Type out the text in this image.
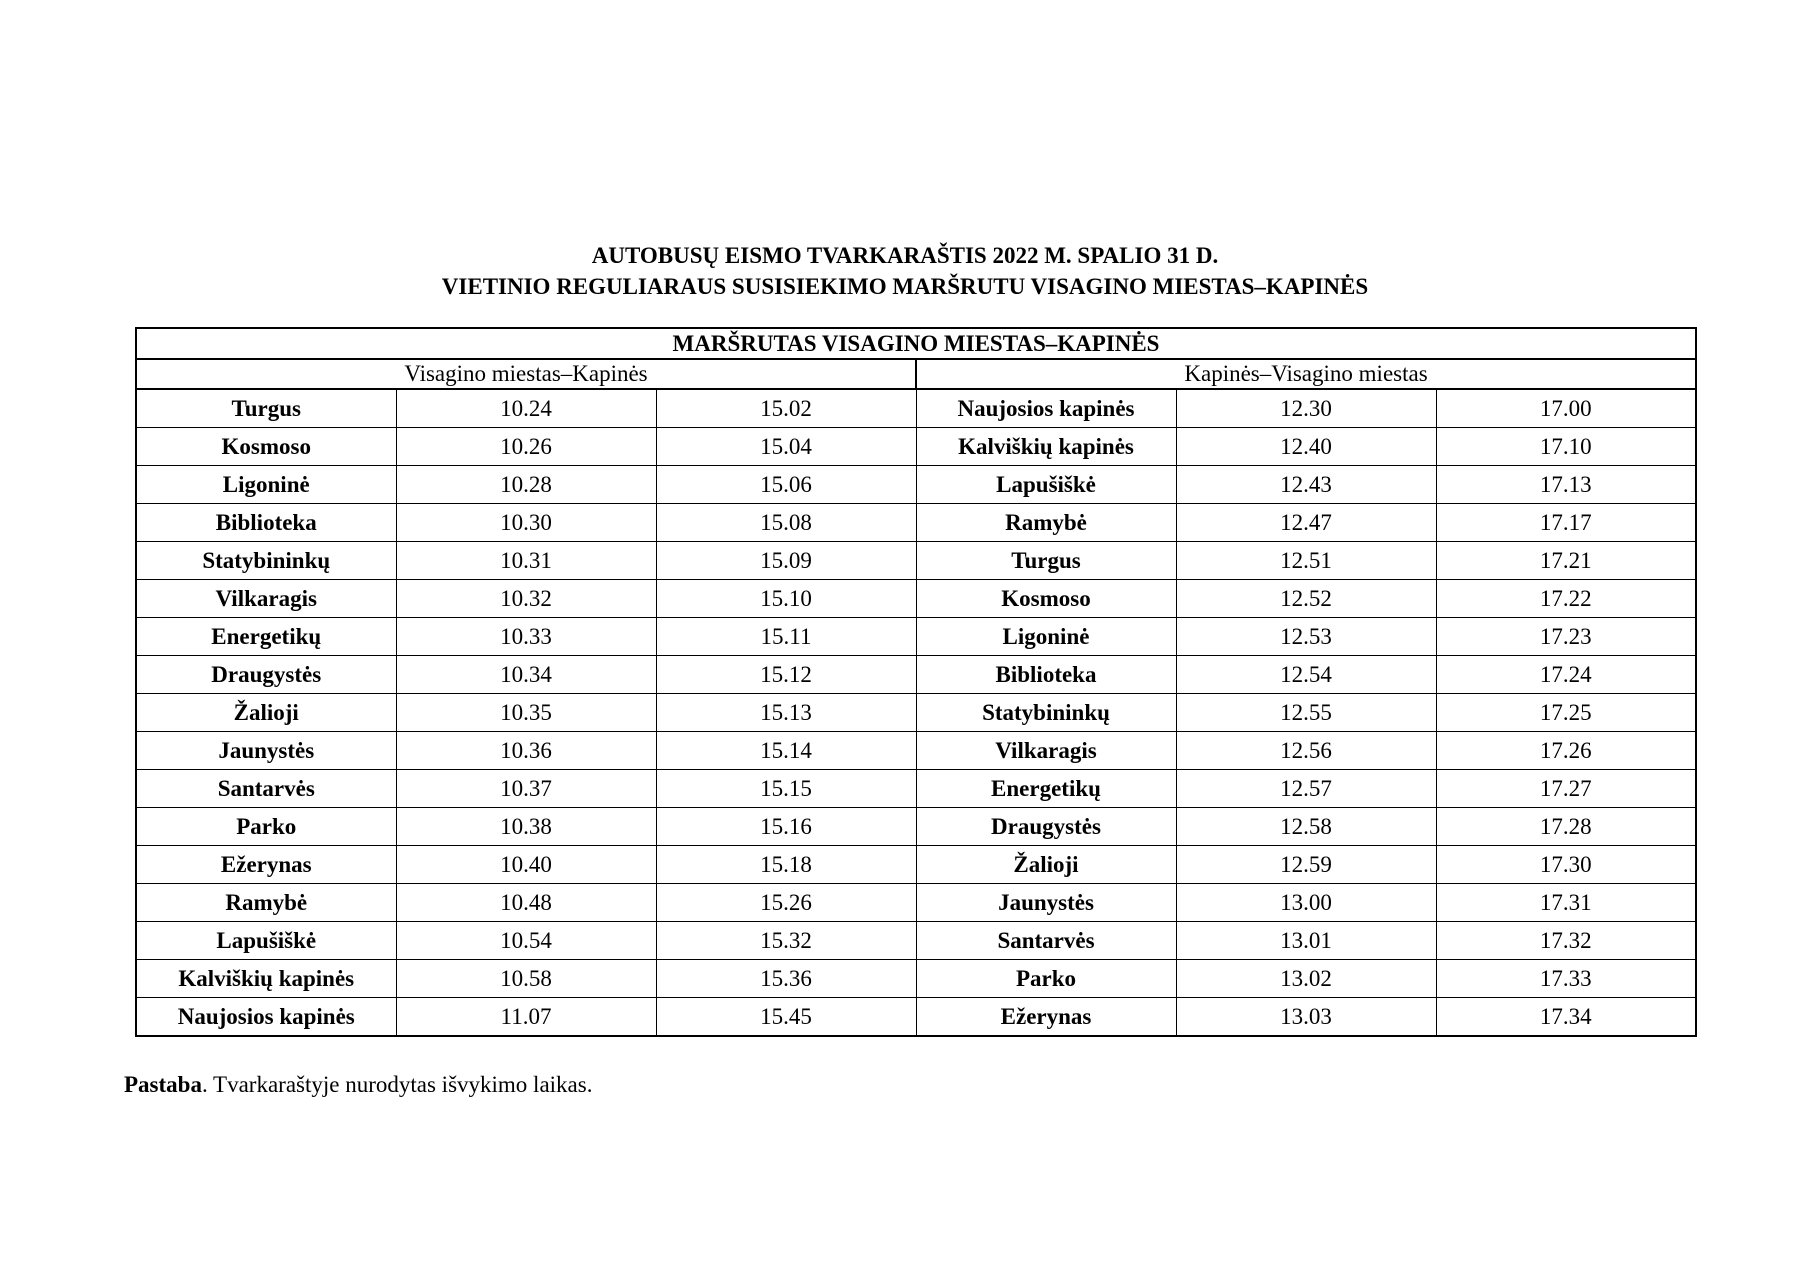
AUTOBUSŲ EISMO TVARKARAŠTIS 2022 M. SPALIO 31 D.
VIETINIO REGULIARAUS SUSISIEKIMO MARŠRUTU VISAGINO MIESTAS–KAPINĖS
MARŠRUTAS VISAGINO MIESTAS–KAPINĖS					
Visagino miestas–Kapinės			Kapinės–Visagino miestas		
Turgus	10.24	15.02	Naujosios kapinės	12.30	17.00
Kosmoso	10.26	15.04	Kalviškių kapinės	12.40	17.10
Ligoninė	10.28	15.06	Lapušiškė	12.43	17.13
Biblioteka	10.30	15.08	Ramybė	12.47	17.17
Statybininkų	10.31	15.09	Turgus	12.51	17.21
Vilkaragis	10.32	15.10	Kosmoso	12.52	17.22
Energetikų	10.33	15.11	Ligoninė	12.53	17.23
Draugystės	10.34	15.12	Biblioteka	12.54	17.24
Žalioji	10.35	15.13	Statybininkų	12.55	17.25
Jaunystės	10.36	15.14	Vilkaragis	12.56	17.26
Santarvės	10.37	15.15	Energetikų	12.57	17.27
Parko	10.38	15.16	Draugystės	12.58	17.28
Ežerynas	10.40	15.18	Žalioji	12.59	17.30
Ramybė	10.48	15.26	Jaunystės	13.00	17.31
Lapušiškė	10.54	15.32	Santarvės	13.01	17.32
Kalviškių kapinės	10.58	15.36	Parko	13.02	17.33
Naujosios kapinės	11.07	15.45	Ežerynas	13.03	17.34
Pastaba. Tvarkaraštyje nurodytas išvykimo laikas.
